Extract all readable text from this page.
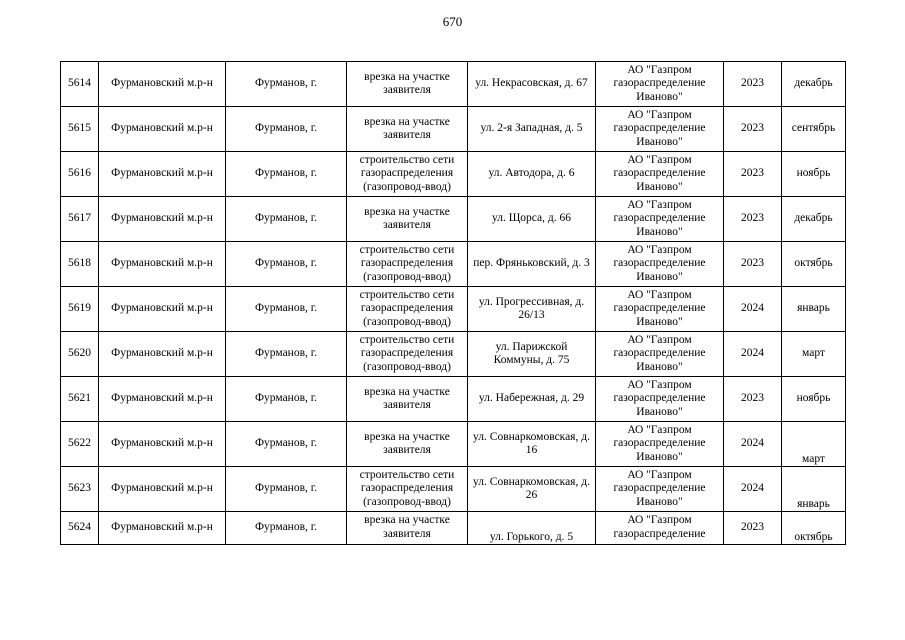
670
5614	Фурмановский м.р-н	Фурманов, г.	врезка на участке заявителя	ул. Некрасовская, д. 67	АО "Газпром газораспределение Иваново"	2023	декабрь
5615	Фурмановский м.р-н	Фурманов, г.	врезка на участке заявителя	ул. 2-я Западная, д. 5	АО "Газпром газораспределение Иваново"	2023	сентябрь
5616	Фурмановский м.р-н	Фурманов, г.	строительство сети газораспределения (газопровод-ввод)	ул. Автодора, д. 6	АО "Газпром газораспределение Иваново"	2023	ноябрь
5617	Фурмановский м.р-н	Фурманов, г.	врезка на участке заявителя	ул. Щорса, д. 66	АО "Газпром газораспределение Иваново"	2023	декабрь
5618	Фурмановский м.р-н	Фурманов, г.	строительство сети газораспределения (газопровод-ввод)	пер. Фряньковский, д. 3	АО "Газпром газораспределение Иваново"	2023	октябрь
5619	Фурмановский м.р-н	Фурманов, г.	строительство сети газораспределения (газопровод-ввод)	ул. Прогрессивная, д. 26/13	АО "Газпром газораспределение Иваново"	2024	январь
5620	Фурмановский м.р-н	Фурманов, г.	строительство сети газораспределения (газопровод-ввод)	ул. Парижской Коммуны, д. 75	АО "Газпром газораспределение Иваново"	2024	март
5621	Фурмановский м.р-н	Фурманов, г.	врезка на участке заявителя	ул. Набережная, д. 29	АО "Газпром газораспределение Иваново"	2023	ноябрь
5622	Фурмановский м.р-н	Фурманов, г.	врезка на участке заявителя	ул. Совнаркомовская, д. 16	АО "Газпром газораспределение Иваново"	2024	март
5623	Фурмановский м.р-н	Фурманов, г.	строительство сети газораспределения (газопровод-ввод)	ул. Совнаркомовская, д. 26	АО "Газпром газораспределение Иваново"	2024	январь
5624	Фурмановский м.р-н	Фурманов, г.	врезка на участке заявителя	ул. Горького, д. 5	АО "Газпром газораспределение	2023	октябрь
